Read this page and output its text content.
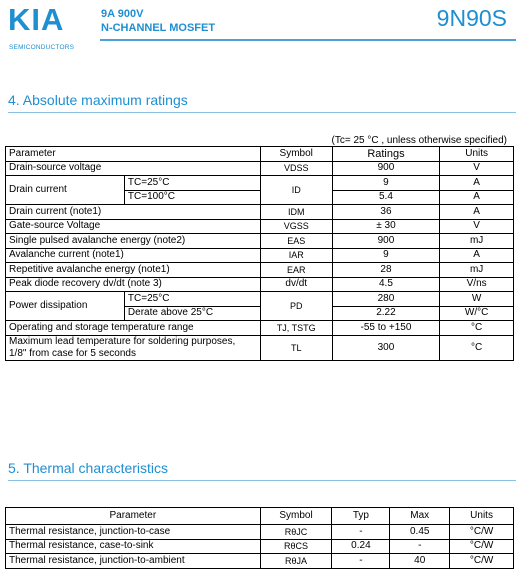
KIA
SEMICONDUCTORS
9A 900V
N-CHANNEL MOSFET	9N90S
4. Absolute maximum ratings
(Tc= 25 °C , unless otherwise specified)
Parameter		Symbol	Ratings	Units
Drain-source voltage		VDSS	900	V
Drain current	TC=25°C	ID	9	A
	TC=100°C		5.4	A
Drain current (note1)		IDM	36	A
Gate-source Voltage		VGSS	± 30	V
Single pulsed avalanche energy (note2)		EAS	900	mJ
Avalanche current (note1)		IAR	9	A
Repetitive avalanche energy (note1)		EAR	28	mJ
Peak diode recovery dv/dt (note 3)		dv/dt	4.5	V/ns
Power dissipation	TC=25°C	PD	280	W
	Derate above 25°C		2.22	W/°C
Operating and storage temperature range		TJ, TSTG	-55 to +150	°C

Maximum lead temperature for soldering purposes,
1/8" from case for 5 seconds		TL	300	°C
5. Thermal characteristics
Parameter	Symbol	Typ	Max	Units
Thermal resistance, junction-to-case	RθJC	-	0.45	°C/W
Thermal resistance, case-to-sink	RθCS	0.24	-	°C/W
Thermal resistance, junction-to-ambient	RθJA	-	40	°C/W
